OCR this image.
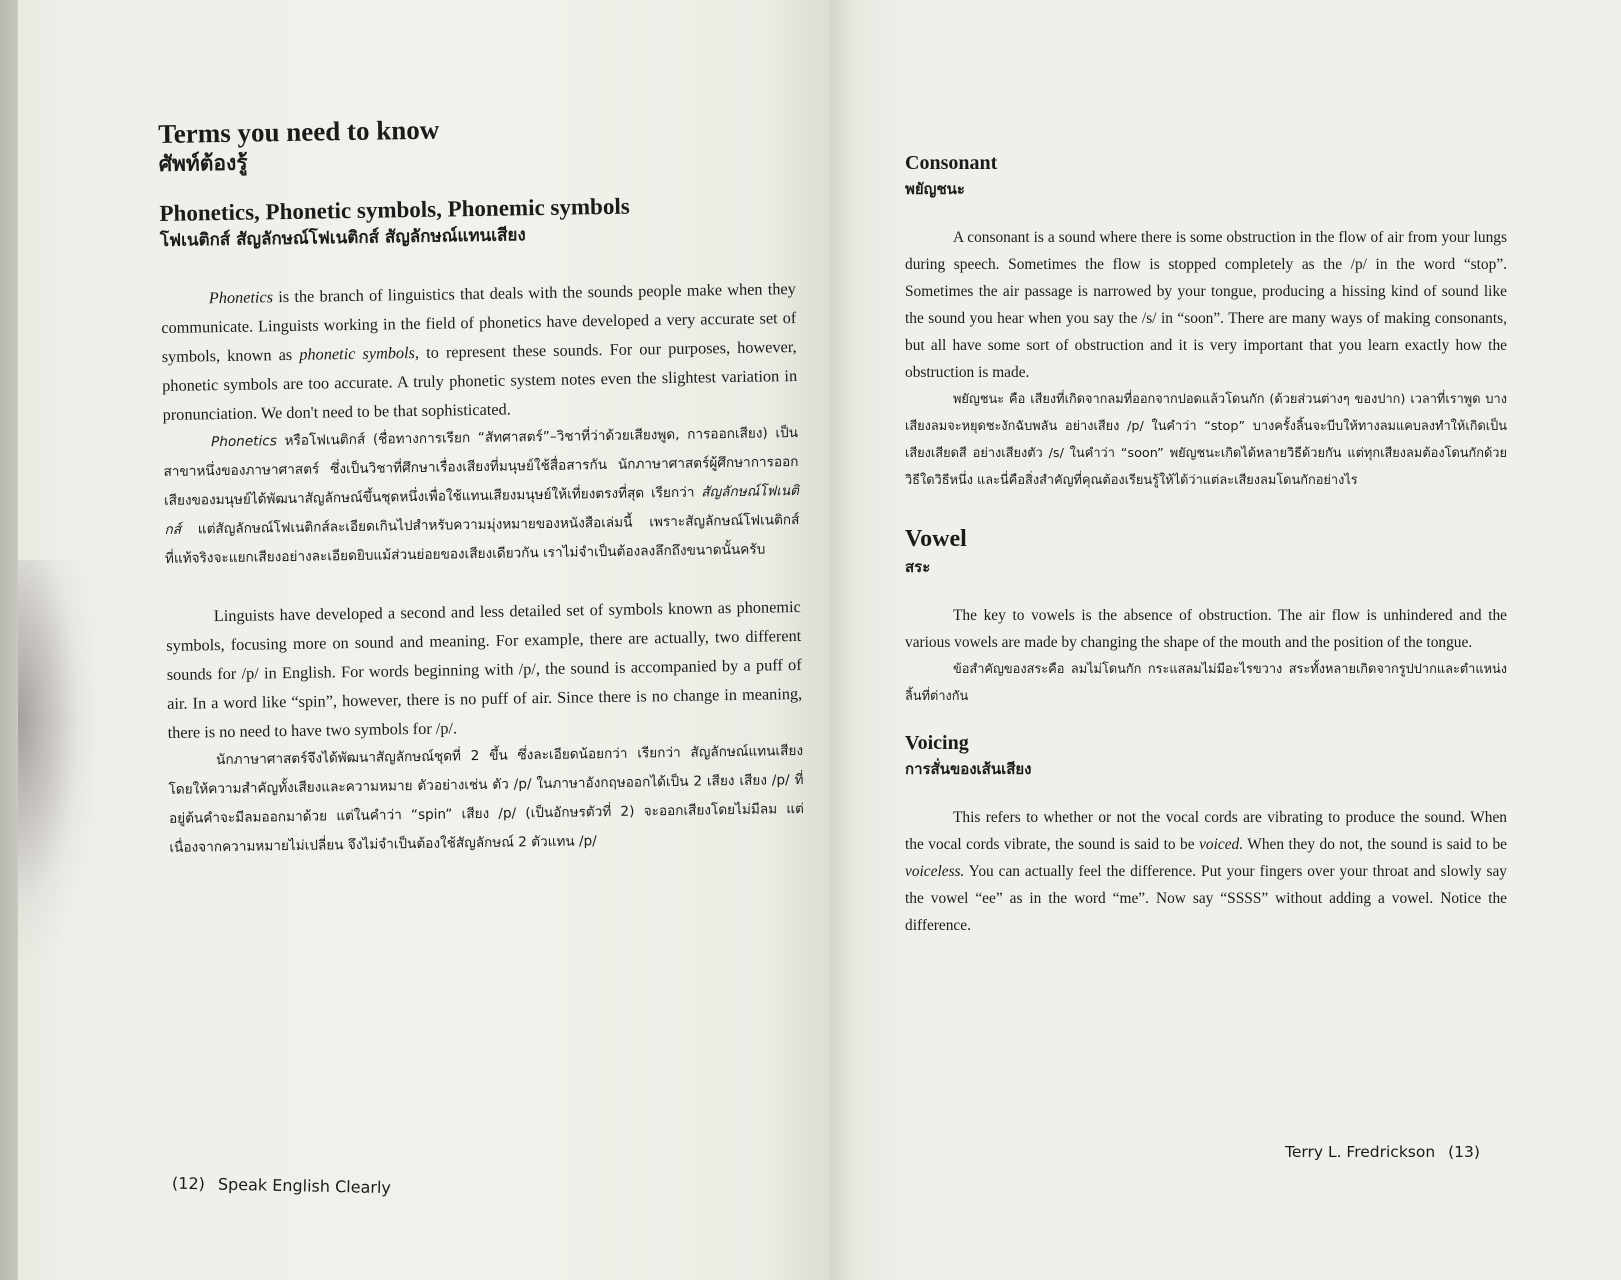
Terms you need to know
ศัพท์ต้องรู้
Phonetics, Phonetic symbols, Phonemic symbols
โฟเนติกส์ สัญลักษณ์โฟเนติกส์ สัญลักษณ์แทนเสียง

Phonetics is the branch of linguistics that deals with the sounds people make when they communicate. Linguists working in the field of phonetics have developed a very accurate set of symbols, known as phonetic symbols, to represent these sounds. For our purposes, however, phonetic symbols are too accurate. A truly phonetic system notes even the slightest variation in pronunciation. We don't need to be that sophisticated.

Phonetics หรือโฟเนติกส์ (ชื่อทางการเรียก “สัทศาสตร์”–วิชาที่ว่าด้วยเสียงพูด, การออกเสียง) เป็นสาขาหนึ่งของภาษาศาสตร์ ซึ่งเป็นวิชาที่ศึกษาเรื่องเสียงที่มนุษย์ใช้สื่อสารกัน นักภาษาศาสตร์ผู้ศึกษาการออกเสียงของมนุษย์ได้พัฒนาสัญลักษณ์ขึ้นชุดหนึ่งเพื่อใช้แทนเสียงมนุษย์ให้เที่ยงตรงที่สุด เรียกว่า สัญลักษณ์โฟเนติกส์ แต่สัญลักษณ์โฟเนติกส์ละเอียดเกินไปสำหรับความมุ่งหมายของหนังสือเล่มนี้ เพราะสัญลักษณ์โฟเนติกส์ที่แท้จริงจะแยกเสียงอย่างละเอียดยิบแม้ส่วนย่อยของเสียงเดียวกัน เราไม่จำเป็นต้องลงลึกถึงขนาดนั้นครับ

Linguists have developed a second and less detailed set of symbols known as phonemic symbols, focusing more on sound and meaning. For example, there are actually, two different sounds for /p/ in English. For words beginning with /p/, the sound is accompanied by a puff of air. In a word like “spin”, however, there is no puff of air. Since there is no change in meaning, there is no need to have two symbols for /p/.

นักภาษาศาสตร์จึงได้พัฒนาสัญลักษณ์ชุดที่ 2 ขึ้น ซึ่งละเอียดน้อยกว่า เรียกว่า สัญลักษณ์แทนเสียง โดยให้ความสำคัญทั้งเสียงและความหมาย ตัวอย่างเช่น ตัว /p/ ในภาษาอังกฤษออกได้เป็น 2 เสียง เสียง /p/ ที่อยู่ต้นคำจะมีลมออกมาด้วย แต่ในคำว่า “spin” เสียง /p/ (เป็นอักษรตัวที่ 2) จะออกเสียงโดยไม่มีลม แต่เนื่องจากความหมายไม่เปลี่ยน จึงไม่จำเป็นต้องใช้สัญลักษณ์ 2 ตัวแทน /p/

(12) Speak English Clearly
Consonant
พยัญชนะ

A consonant is a sound where there is some obstruction in the flow of air from your lungs during speech. Sometimes the flow is stopped completely as the /p/ in the word “stop”. Sometimes the air passage is narrowed by your tongue, producing a hissing kind of sound like the sound you hear when you say the /s/ in “soon”. There are many ways of making consonants, but all have some sort of obstruction and it is very important that you learn exactly how the obstruction is made.

พยัญชนะ คือ เสียงที่เกิดจากลมที่ออกจากปอดแล้วโดนกัก (ด้วยส่วนต่างๆ ของปาก) เวลาที่เราพูด บางเสียงลมจะหยุดชะงักฉับพลัน อย่างเสียง /p/ ในคำว่า “stop” บางครั้งลิ้นจะบีบให้ทางลมแคบลงทำให้เกิดเป็นเสียงเสียดสี อย่างเสียงตัว /s/ ในคำว่า “soon” พยัญชนะเกิดได้หลายวิธีด้วยกัน แต่ทุกเสียงลมต้องโดนกักด้วยวิธีใดวิธีหนึ่ง และนี่คือสิ่งสำคัญที่คุณต้องเรียนรู้ให้ได้ว่าแต่ละเสียงลมโดนกักอย่างไร

Vowel
สระ

The key to vowels is the absence of obstruction. The air flow is unhindered and the various vowels are made by changing the shape of the mouth and the position of the tongue.

ข้อสำคัญของสระคือ ลมไม่โดนกัก กระแสลมไม่มีอะไรขวาง สระทั้งหลายเกิดจากรูปปากและตำแหน่งลิ้นที่ต่างกัน

Voicing
การสั่นของเส้นเสียง

This refers to whether or not the vocal cords are vibrating to produce the sound. When the vocal cords vibrate, the sound is said to be voiced. When they do not, the sound is said to be voiceless. You can actually feel the difference. Put your fingers over your throat and slowly say the vowel “ee” as in the word “me”. Now say “SSSS” without adding a vowel. Notice the difference.

Terry L. Fredrickson (13)
